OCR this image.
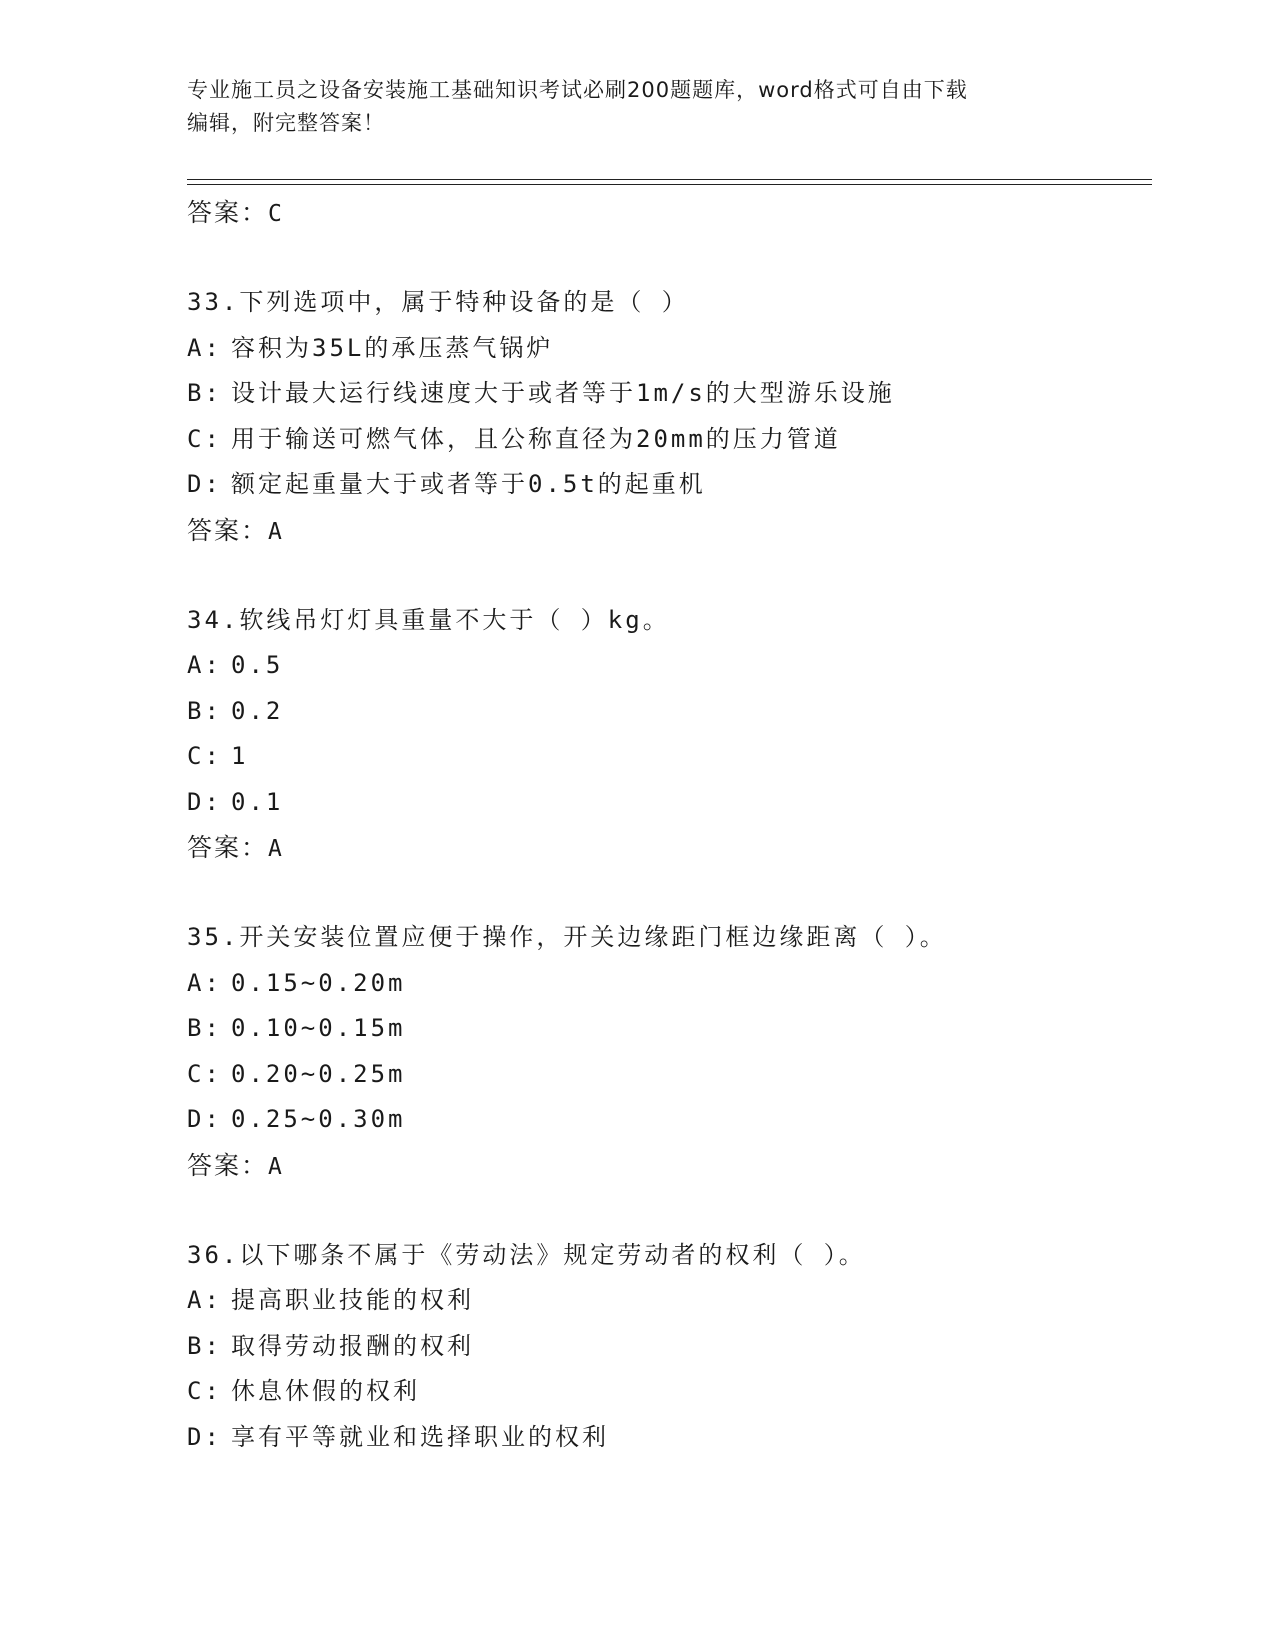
专业施工员之设备安装施工基础知识考试必刷200题题库，word格式可自由下载
编辑，附完整答案！
答案：C
33.下列选项中，属于特种设备的是（ ）
A: 容积为35L的承压蒸气锅炉
B: 设计最大运行线速度大于或者等于1m/s的大型游乐设施
C: 用于输送可燃气体，且公称直径为20mm的压力管道
D: 额定起重量大于或者等于0.5t的起重机
答案：A
34.软线吊灯灯具重量不大于（ ）kg。
A: 0.5
B: 0.2
C: 1
D: 0.1
答案：A
35.开关安装位置应便于操作，开关边缘距门框边缘距离（ ）。
A: 0.15~0.20m
B: 0.10~0.15m
C: 0.20~0.25m
D: 0.25~0.30m
答案：A
36.以下哪条不属于《劳动法》规定劳动者的权利（ ）。
A: 提高职业技能的权利
B: 取得劳动报酬的权利
C: 休息休假的权利
D: 享有平等就业和选择职业的权利
